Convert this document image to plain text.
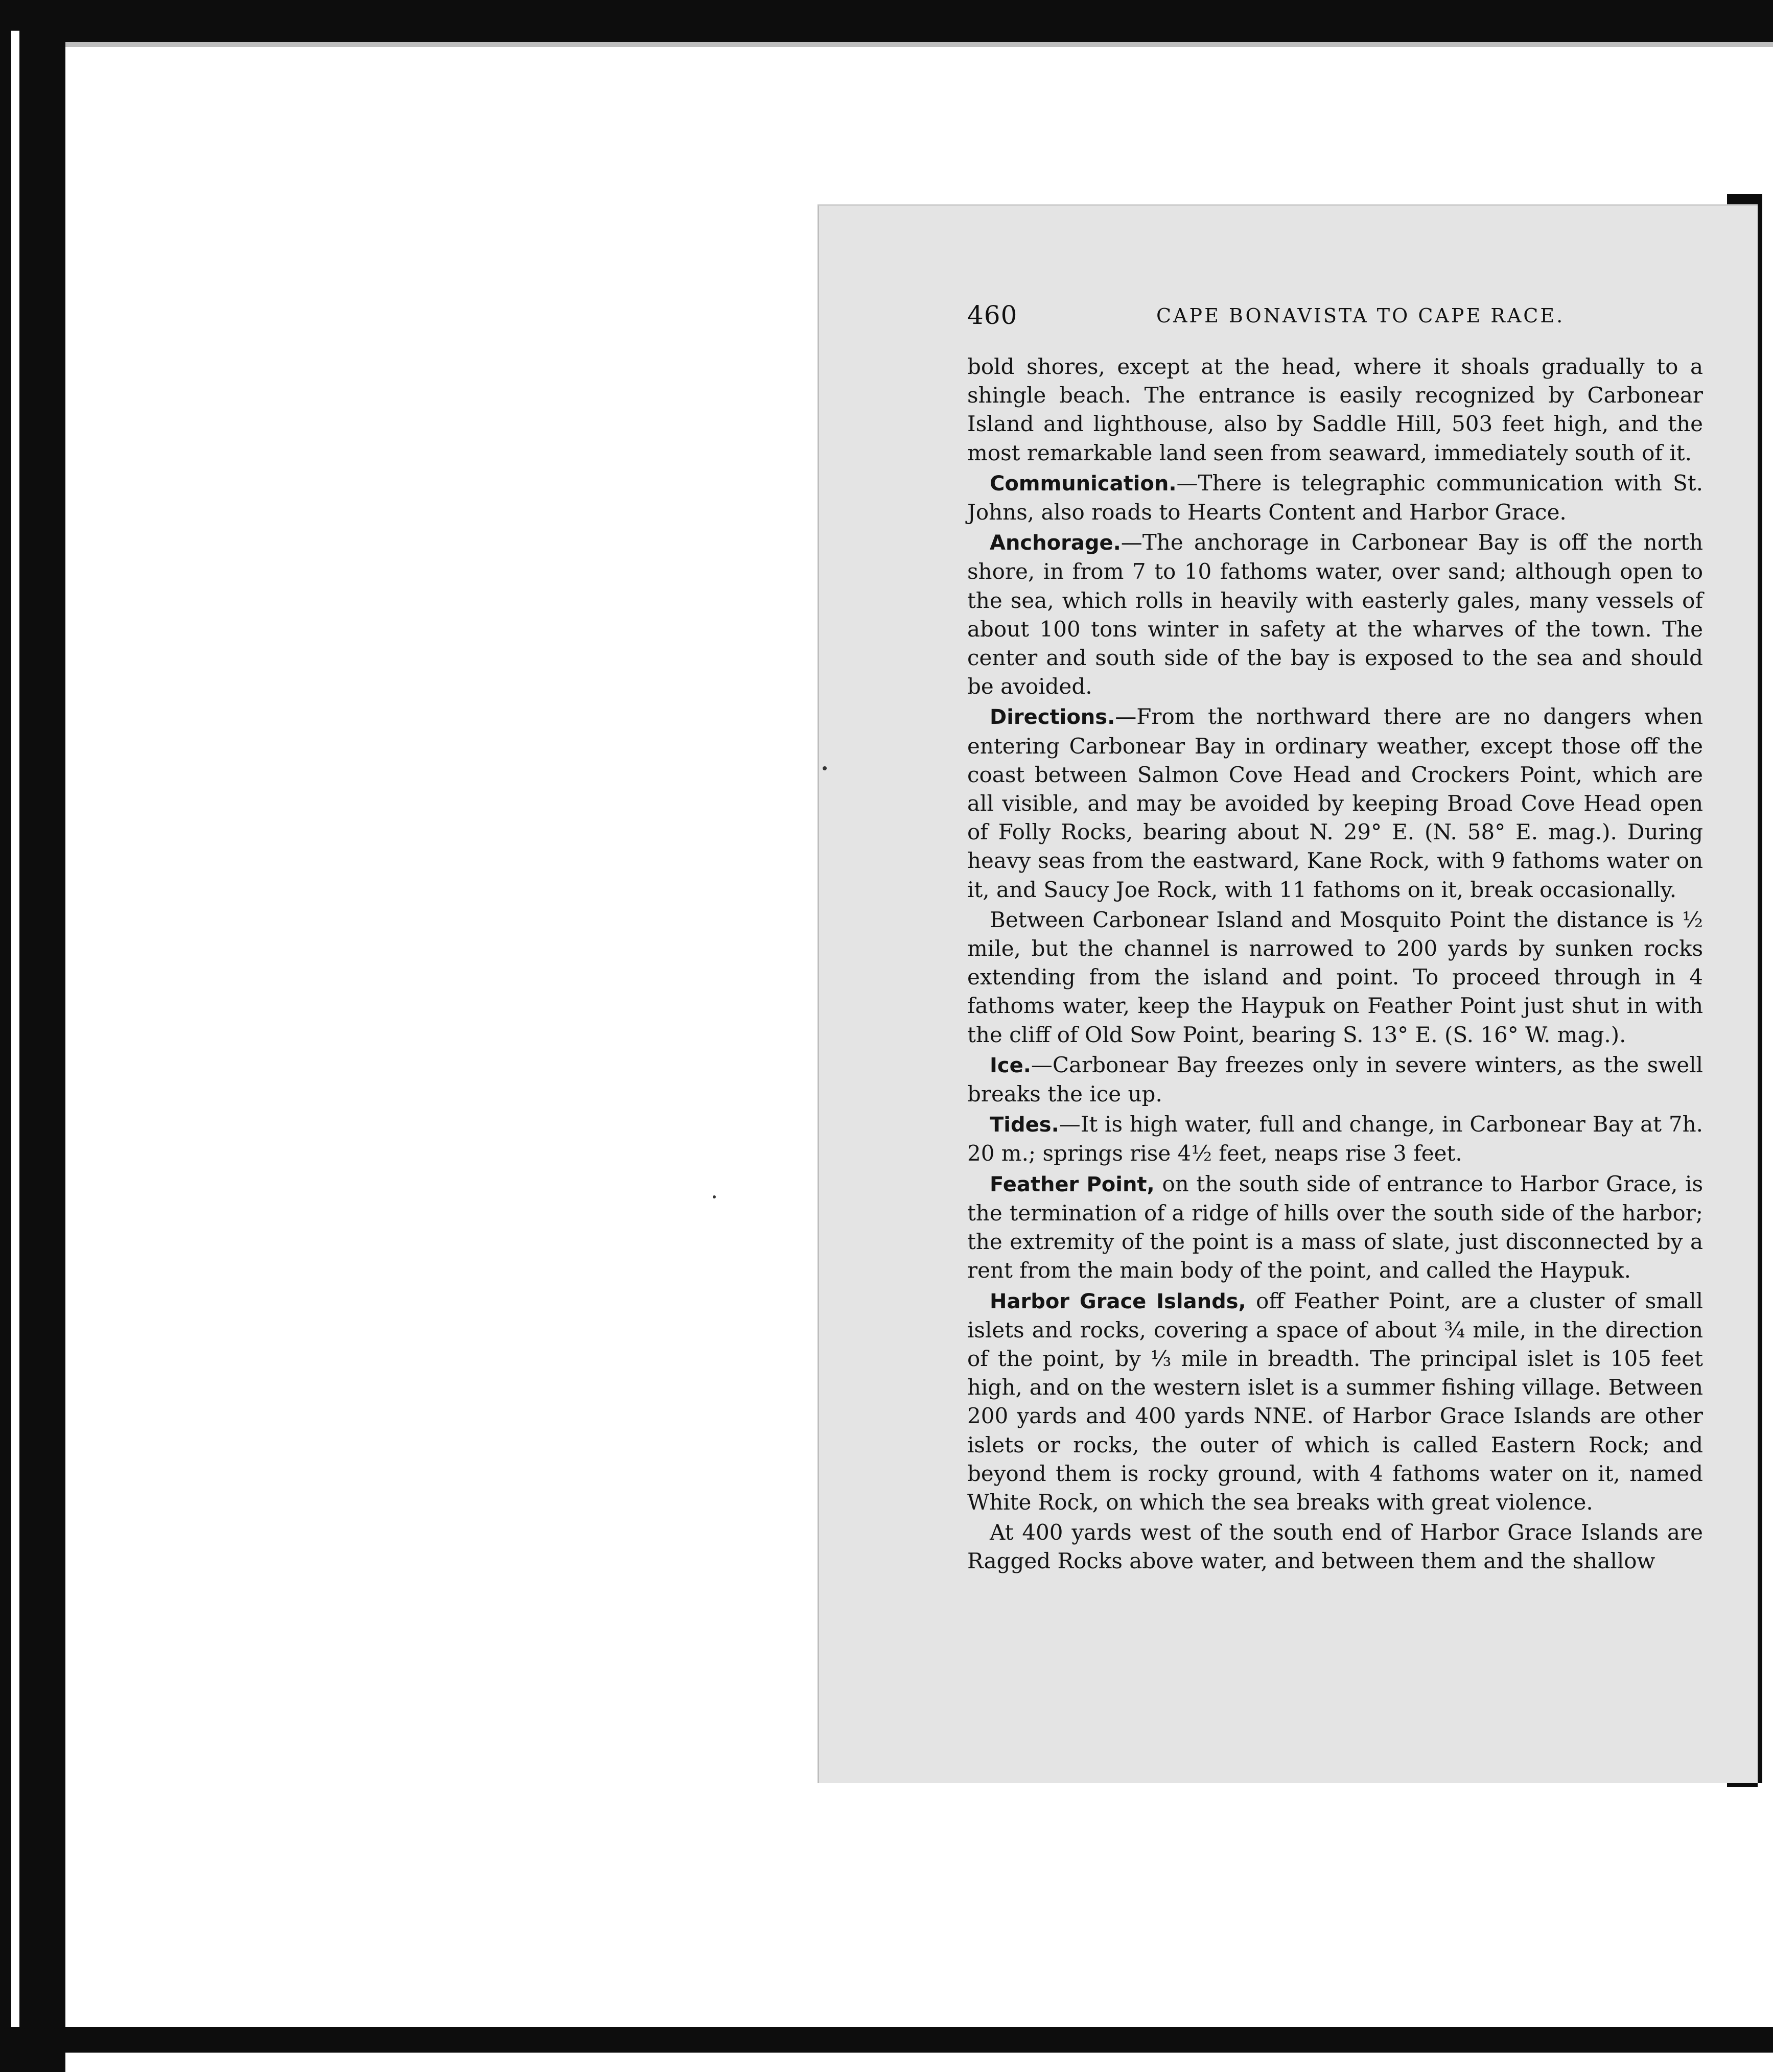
460	CAPE BONAVISTA TO CAPE RACE.

bold shores, except at the head, where it shoals gradually to a shingle beach. The entrance is easily recognized by Carbonear Island and lighthouse, also by Saddle Hill, 503 feet high, and the most remarkable land seen from seaward, immediately south of it.

Communication.—There is telegraphic communication with St. Johns, also roads to Hearts Content and Harbor Grace.

Anchorage.—The anchorage in Carbonear Bay is off the north shore, in from 7 to 10 fathoms water, over sand; although open to the sea, which rolls in heavily with easterly gales, many vessels of about 100 tons winter in safety at the wharves of the town. The center and south side of the bay is exposed to the sea and should be avoided.

Directions.—From the northward there are no dangers when entering Carbonear Bay in ordinary weather, except those off the coast between Salmon Cove Head and Crockers Point, which are all visible, and may be avoided by keeping Broad Cove Head open of Folly Rocks, bearing about N. 29° E. (N. 58° E. mag.). During heavy seas from the eastward, Kane Rock, with 9 fathoms water on it, and Saucy Joe Rock, with 11 fathoms on it, break occasionally.

Between Carbonear Island and Mosquito Point the distance is ½ mile, but the channel is narrowed to 200 yards by sunken rocks extending from the island and point. To proceed through in 4 fathoms water, keep the Haypuk on Feather Point just shut in with the cliff of Old Sow Point, bearing S. 13° E. (S. 16° W. mag.).

Ice.—Carbonear Bay freezes only in severe winters, as the swell breaks the ice up.

Tides.—It is high water, full and change, in Carbonear Bay at 7h. 20 m.; springs rise 4½ feet, neaps rise 3 feet.

Feather Point, on the south side of entrance to Harbor Grace, is the termination of a ridge of hills over the south side of the harbor; the extremity of the point is a mass of slate, just disconnected by a rent from the main body of the point, and called the Haypuk.

Harbor Grace Islands, off Feather Point, are a cluster of small islets and rocks, covering a space of about ¾ mile, in the direction of the point, by ⅓ mile in breadth. The principal islet is 105 feet high, and on the western islet is a summer fishing village. Between 200 yards and 400 yards NNE. of Harbor Grace Islands are other islets or rocks, the outer of which is called Eastern Rock; and beyond them is rocky ground, with 4 fathoms water on it, named White Rock, on which the sea breaks with great violence.

At 400 yards west of the south end of Harbor Grace Islands are Ragged Rocks above water, and between them and the shallow
